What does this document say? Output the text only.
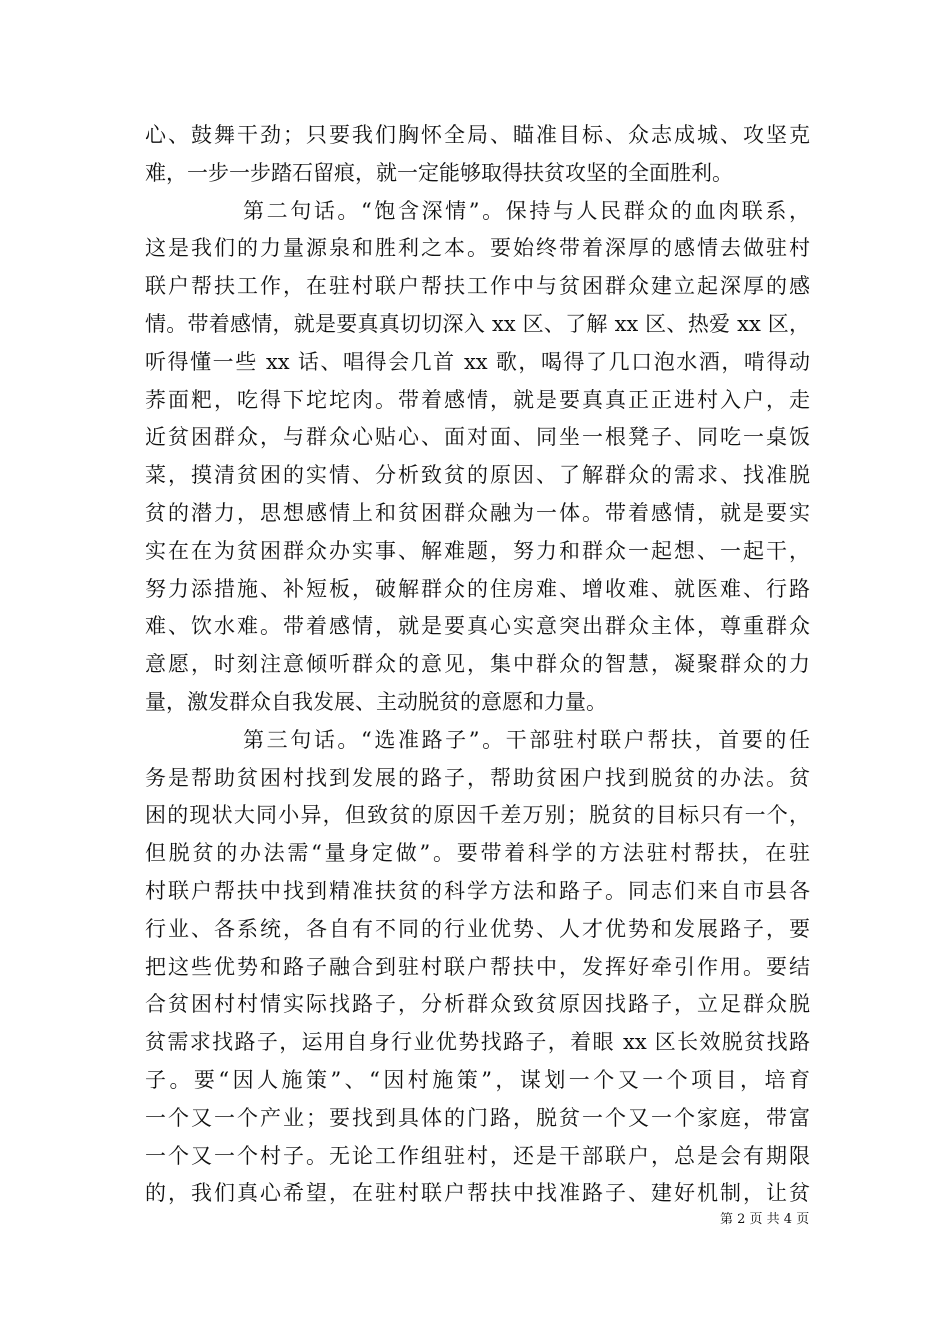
心、鼓舞干劲；只要我们胸怀全局、瞄准目标、众志成城、攻坚克
难，一步一步踏石留痕，就一定能够取得扶贫攻坚的全面胜利。
第二句话。“饱含深情”。保持与人民群众的血肉联系，
这是我们的力量源泉和胜利之本。要始终带着深厚的感情去做驻村
联户帮扶工作，在驻村联户帮扶工作中与贫困群众建立起深厚的感
情。带着感情，就是要真真切切深入 xx 区、了解 xx 区、热爱 xx 区，
听得懂一些 xx 话、唱得会几首 xx 歌，喝得了几口泡水酒，啃得动
荞面粑，吃得下坨坨肉。带着感情，就是要真真正正进村入户，走
近贫困群众，与群众心贴心、面对面、同坐一根凳子、同吃一桌饭
菜，摸清贫困的实情、分析致贫的原因、了解群众的需求、找准脱
贫的潜力，思想感情上和贫困群众融为一体。带着感情，就是要实
实在在为贫困群众办实事、解难题，努力和群众一起想、一起干，
努力添措施、补短板，破解群众的住房难、增收难、就医难、行路
难、饮水难。带着感情，就是要真心实意突出群众主体，尊重群众
意愿，时刻注意倾听群众的意见，集中群众的智慧，凝聚群众的力
量，激发群众自我发展、主动脱贫的意愿和力量。
第三句话。“选准路子”。干部驻村联户帮扶，首要的任
务是帮助贫困村找到发展的路子，帮助贫困户找到脱贫的办法。贫
困的现状大同小异，但致贫的原因千差万别；脱贫的目标只有一个，
但脱贫的办法需“量身定做”。要带着科学的方法驻村帮扶，在驻
村联户帮扶中找到精准扶贫的科学方法和路子。同志们来自市县各
行业、各系统，各自有不同的行业优势、人才优势和发展路子，要
把这些优势和路子融合到驻村联户帮扶中，发挥好牵引作用。要结
合贫困村村情实际找路子，分析群众致贫原因找路子，立足群众脱
贫需求找路子，运用自身行业优势找路子，着眼 xx 区长效脱贫找路
子。要“因人施策”、“因村施策”，谋划一个又一个项目，培育
一个又一个产业；要找到具体的门路，脱贫一个又一个家庭，带富
一个又一个村子。无论工作组驻村，还是干部联户，总是会有期限
的，我们真心希望，在驻村联户帮扶中找准路子、建好机制，让贫
第 2 页 共 4 页
